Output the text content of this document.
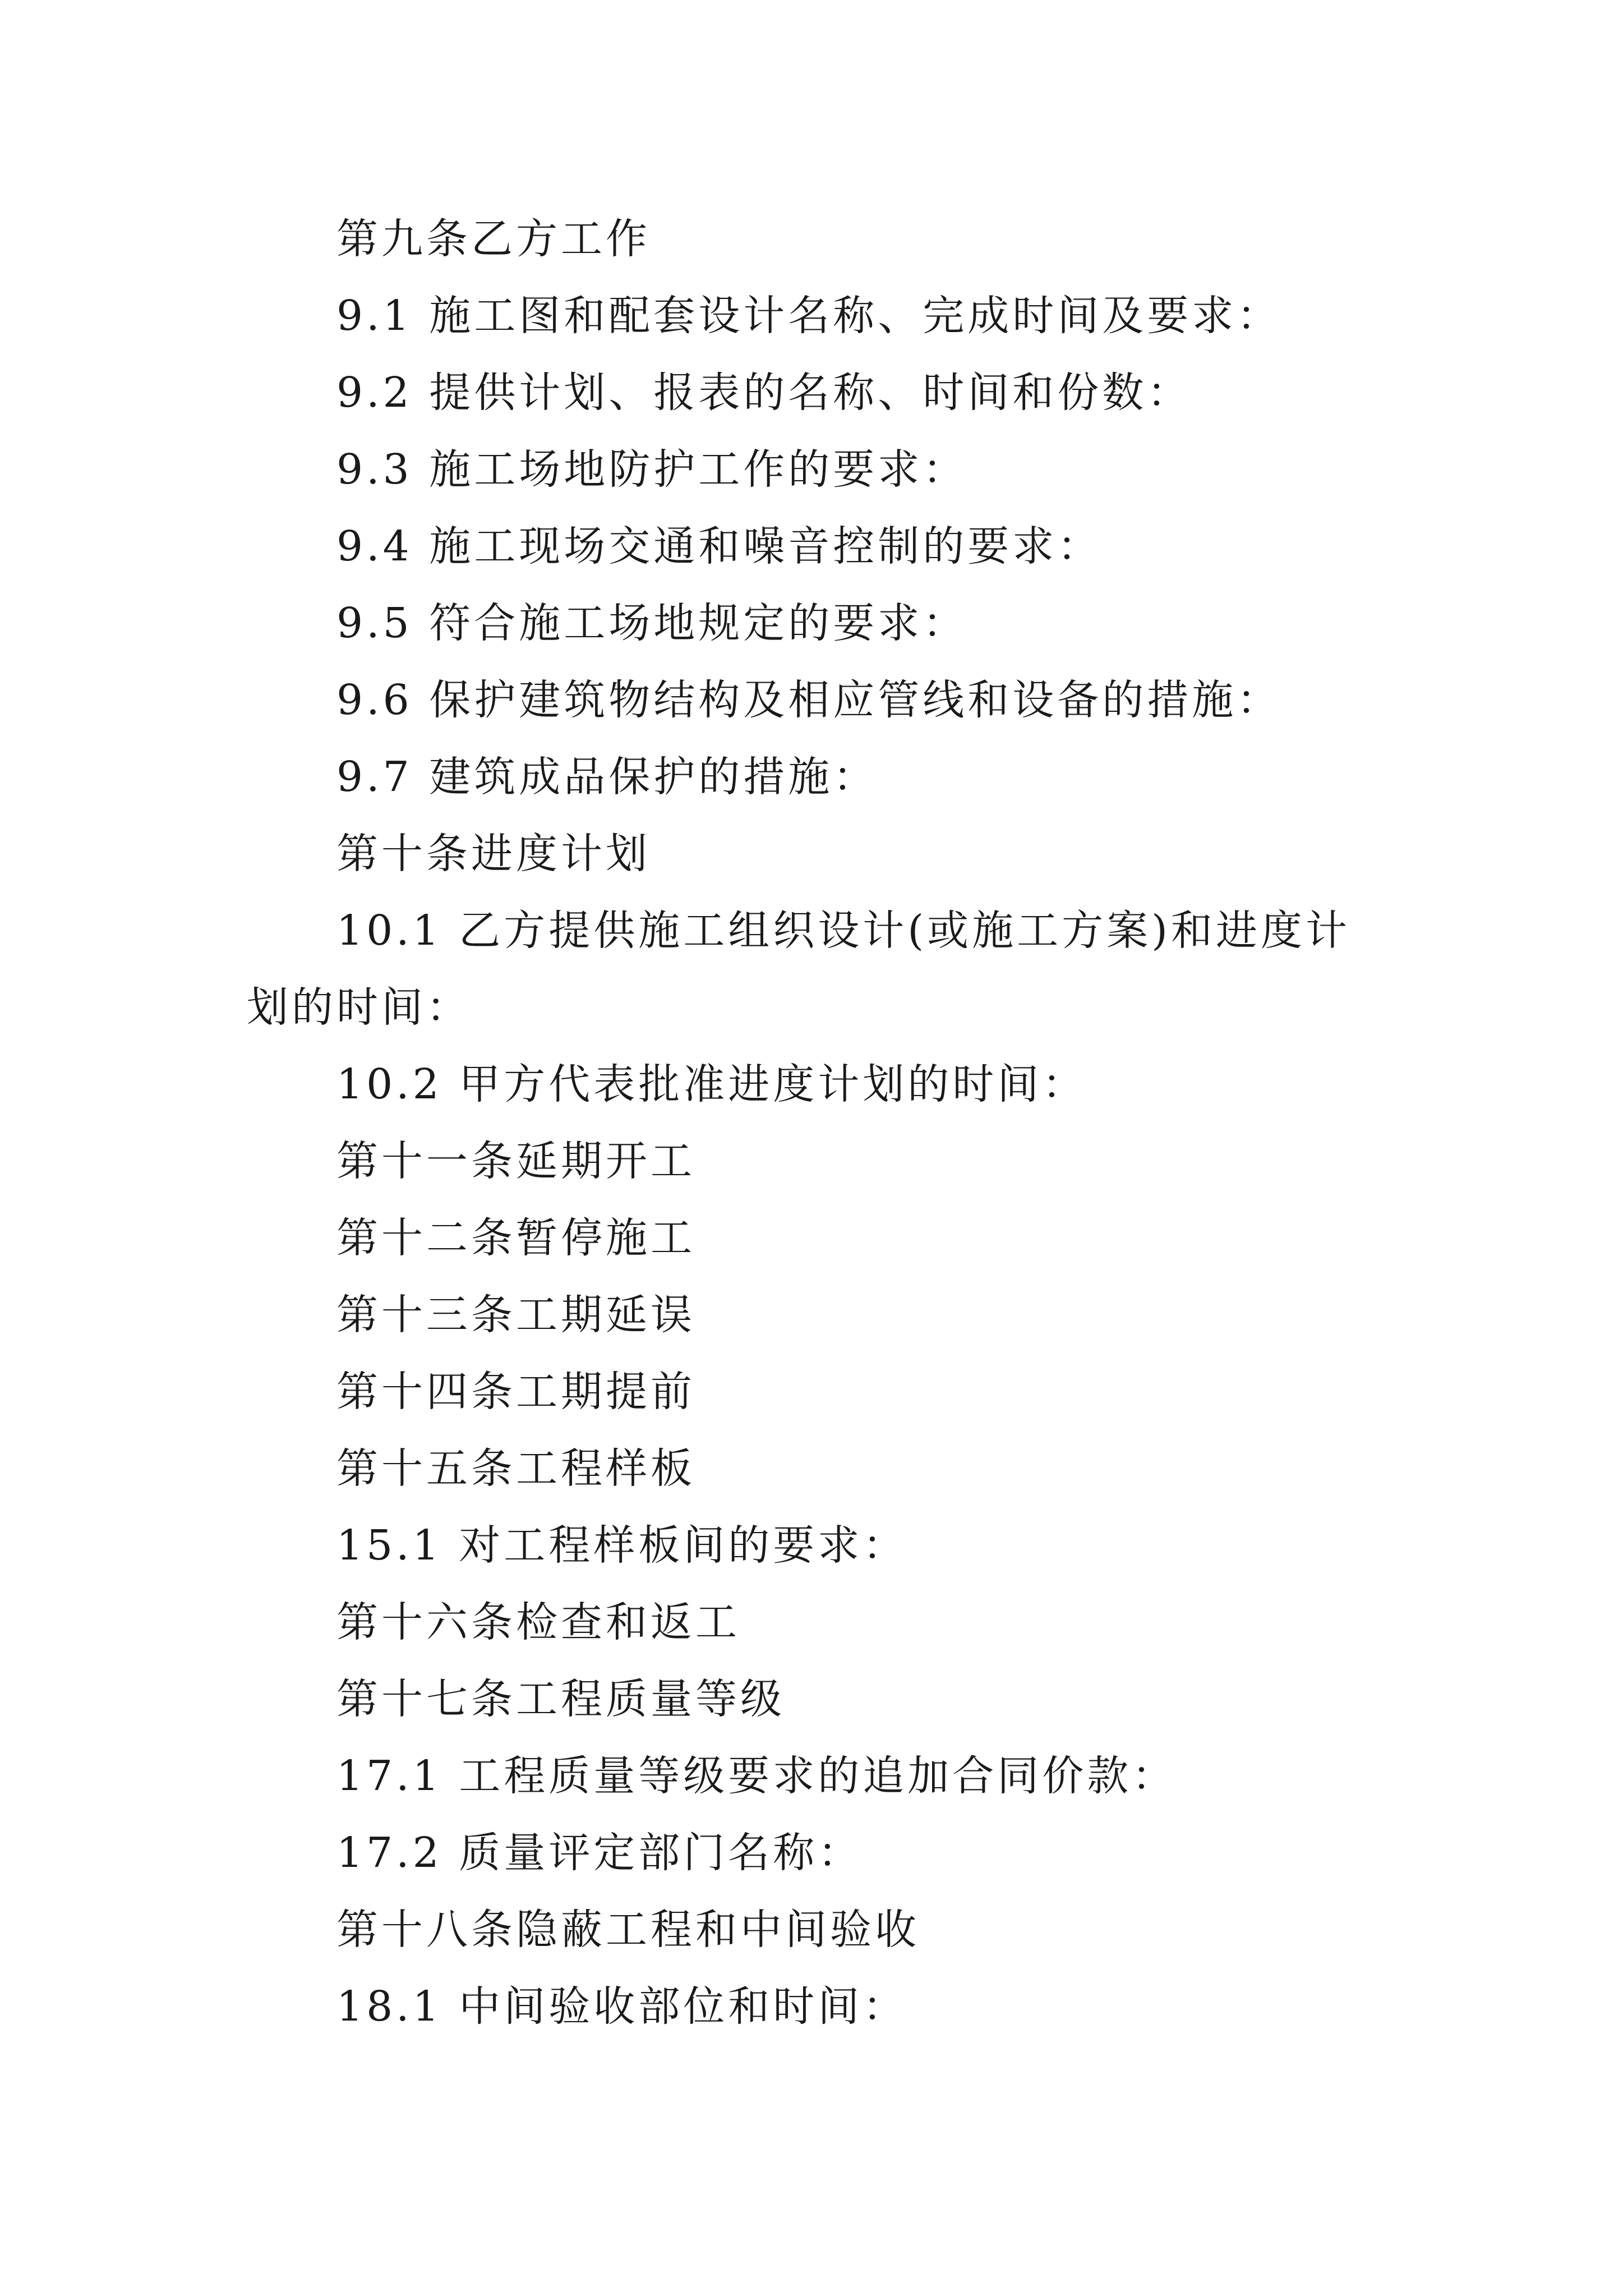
第九条乙方工作
9.1 施工图和配套设计名称、完成时间及要求：
9.2 提供计划、报表的名称、时间和份数：
9.3 施工场地防护工作的要求：
9.4 施工现场交通和噪音控制的要求：
9.5 符合施工场地规定的要求：
9.6 保护建筑物结构及相应管线和设备的措施：
9.7 建筑成品保护的措施：
第十条进度计划
10.1 乙方提供施工组织设计(或施工方案)和进度计划的时间：
10.2 甲方代表批准进度计划的时间：
第十一条延期开工
第十二条暂停施工
第十三条工期延误
第十四条工期提前
第十五条工程样板
15.1 对工程样板间的要求：
第十六条检查和返工
第十七条工程质量等级
17.1 工程质量等级要求的追加合同价款：
17.2 质量评定部门名称：
第十八条隐蔽工程和中间验收
18.1 中间验收部位和时间：
